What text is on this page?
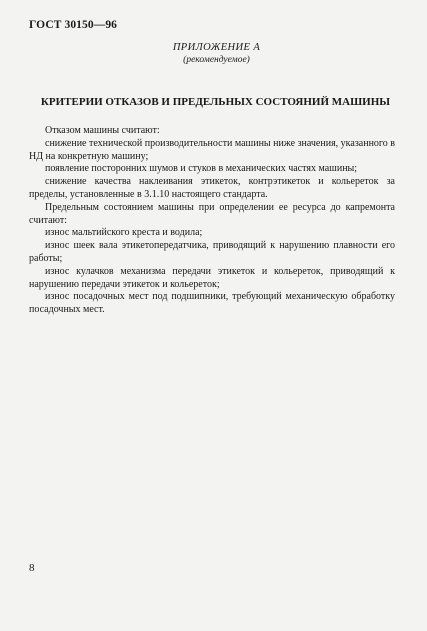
ГОСТ 30150—96
ПРИЛОЖЕНИЕ А
(рекомендуемое)
КРИТЕРИИ ОТКАЗОВ И ПРЕДЕЛЬНЫХ СОСТОЯНИЙ МАШИНЫ

Отказом машины считают:

снижение технической производительности машины ниже значения, указанного в НД на конкретную машину;

появление посторонних шумов и стуков в механических частях машины;

снижение качества наклеивания этикеток, контрэтикеток и кольереток за пределы, установленные в 3.1.10 настоящего стандарта.

Предельным состоянием машины при определении ее ресурса до капремонта считают:

износ мальтийского креста и водила;

износ шеек вала этикетопередатчика, приводящий к нарушению плавности его работы;

износ кулачков механизма передачи этикеток и кольереток, приводящий к нарушению передачи этикеток и кольереток;

износ посадочных мест под подшипники, требующий механическую обработку посадочных мест.

8
